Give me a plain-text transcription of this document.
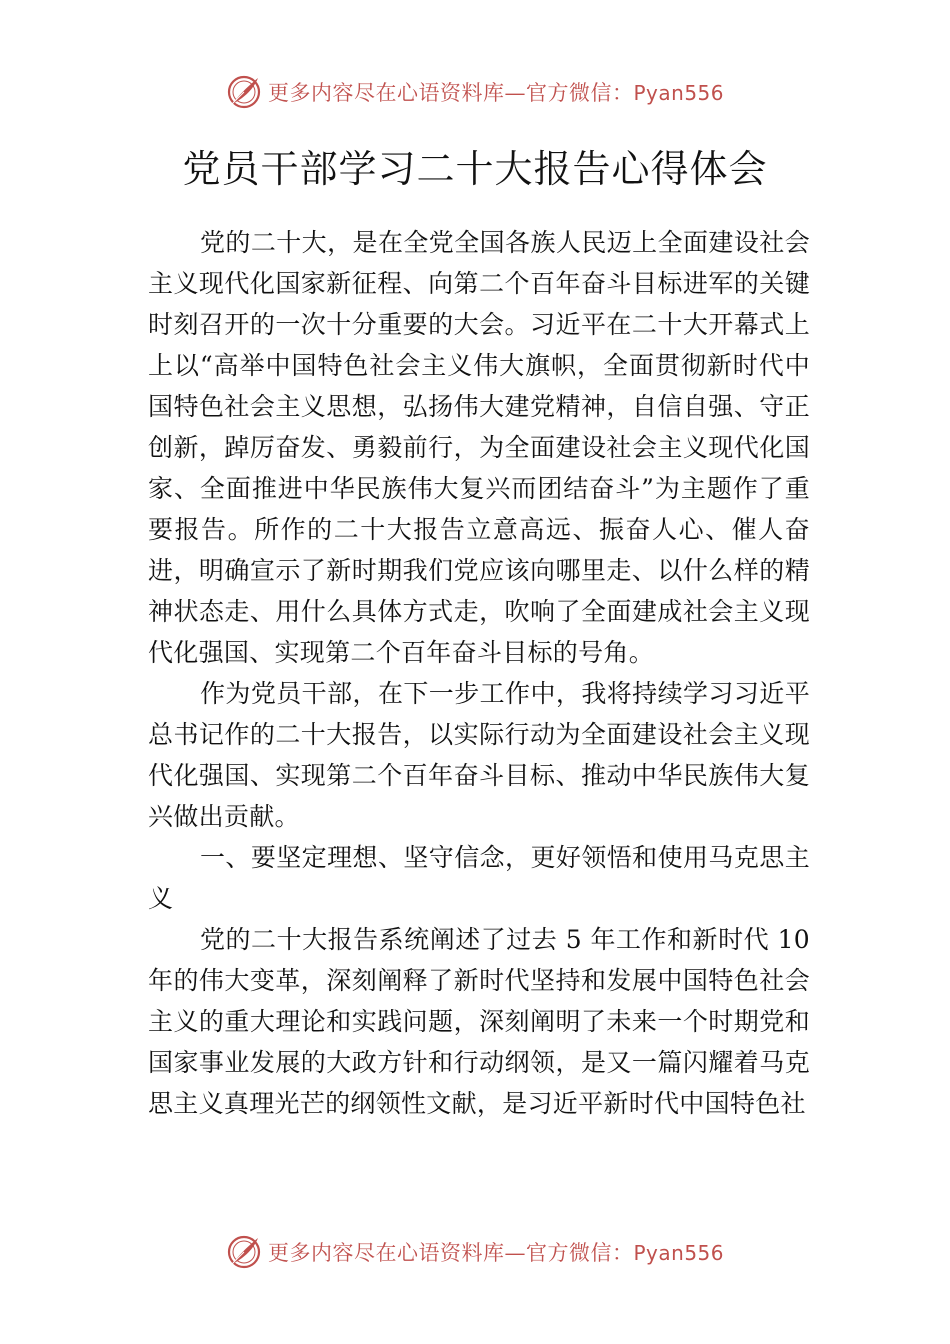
更多内容尽在心语资料库—官方微信：Pyan556
党员干部学习二十大报告心得体会

党的二十大，是在全党全国各族人民迈上全面建设社会主义现代化国家新征程、向第二个百年奋斗目标进军的关键时刻召开的一次十分重要的大会。习近平在二十大开幕式上上以“高举中国特色社会主义伟大旗帜，全面贯彻新时代中国特色社会主义思想，弘扬伟大建党精神，自信自强、守正创新，踔厉奋发、勇毅前行，为全面建设社会主义现代化国家、全面推进中华民族伟大复兴而团结奋斗”为主题作了重要报告。所作的二十大报告立意高远、振奋人心、催人奋进，明确宣示了新时期我们党应该向哪里走、以什么样的精神状态走、用什么具体方式走，吹响了全面建成社会主义现代化强国、实现第二个百年奋斗目标的号角。

作为党员干部，在下一步工作中，我将持续学习习近平总书记作的二十大报告，以实际行动为全面建设社会主义现代化强国、实现第二个百年奋斗目标、推动中华民族伟大复兴做出贡献。

一、要坚定理想、坚守信念，更好领悟和使用马克思主义

党的二十大报告系统阐述了过去 5 年工作和新时代 10 年的伟大变革，深刻阐释了新时代坚持和发展中国特色社会主义的重大理论和实践问题，深刻阐明了未来一个时期党和国家事业发展的大政方针和行动纲领，是又一篇闪耀着马克思主义真理光芒的纲领性文献，是习近平新时代中国特色社

更多内容尽在心语资料库—官方微信：Pyan556
